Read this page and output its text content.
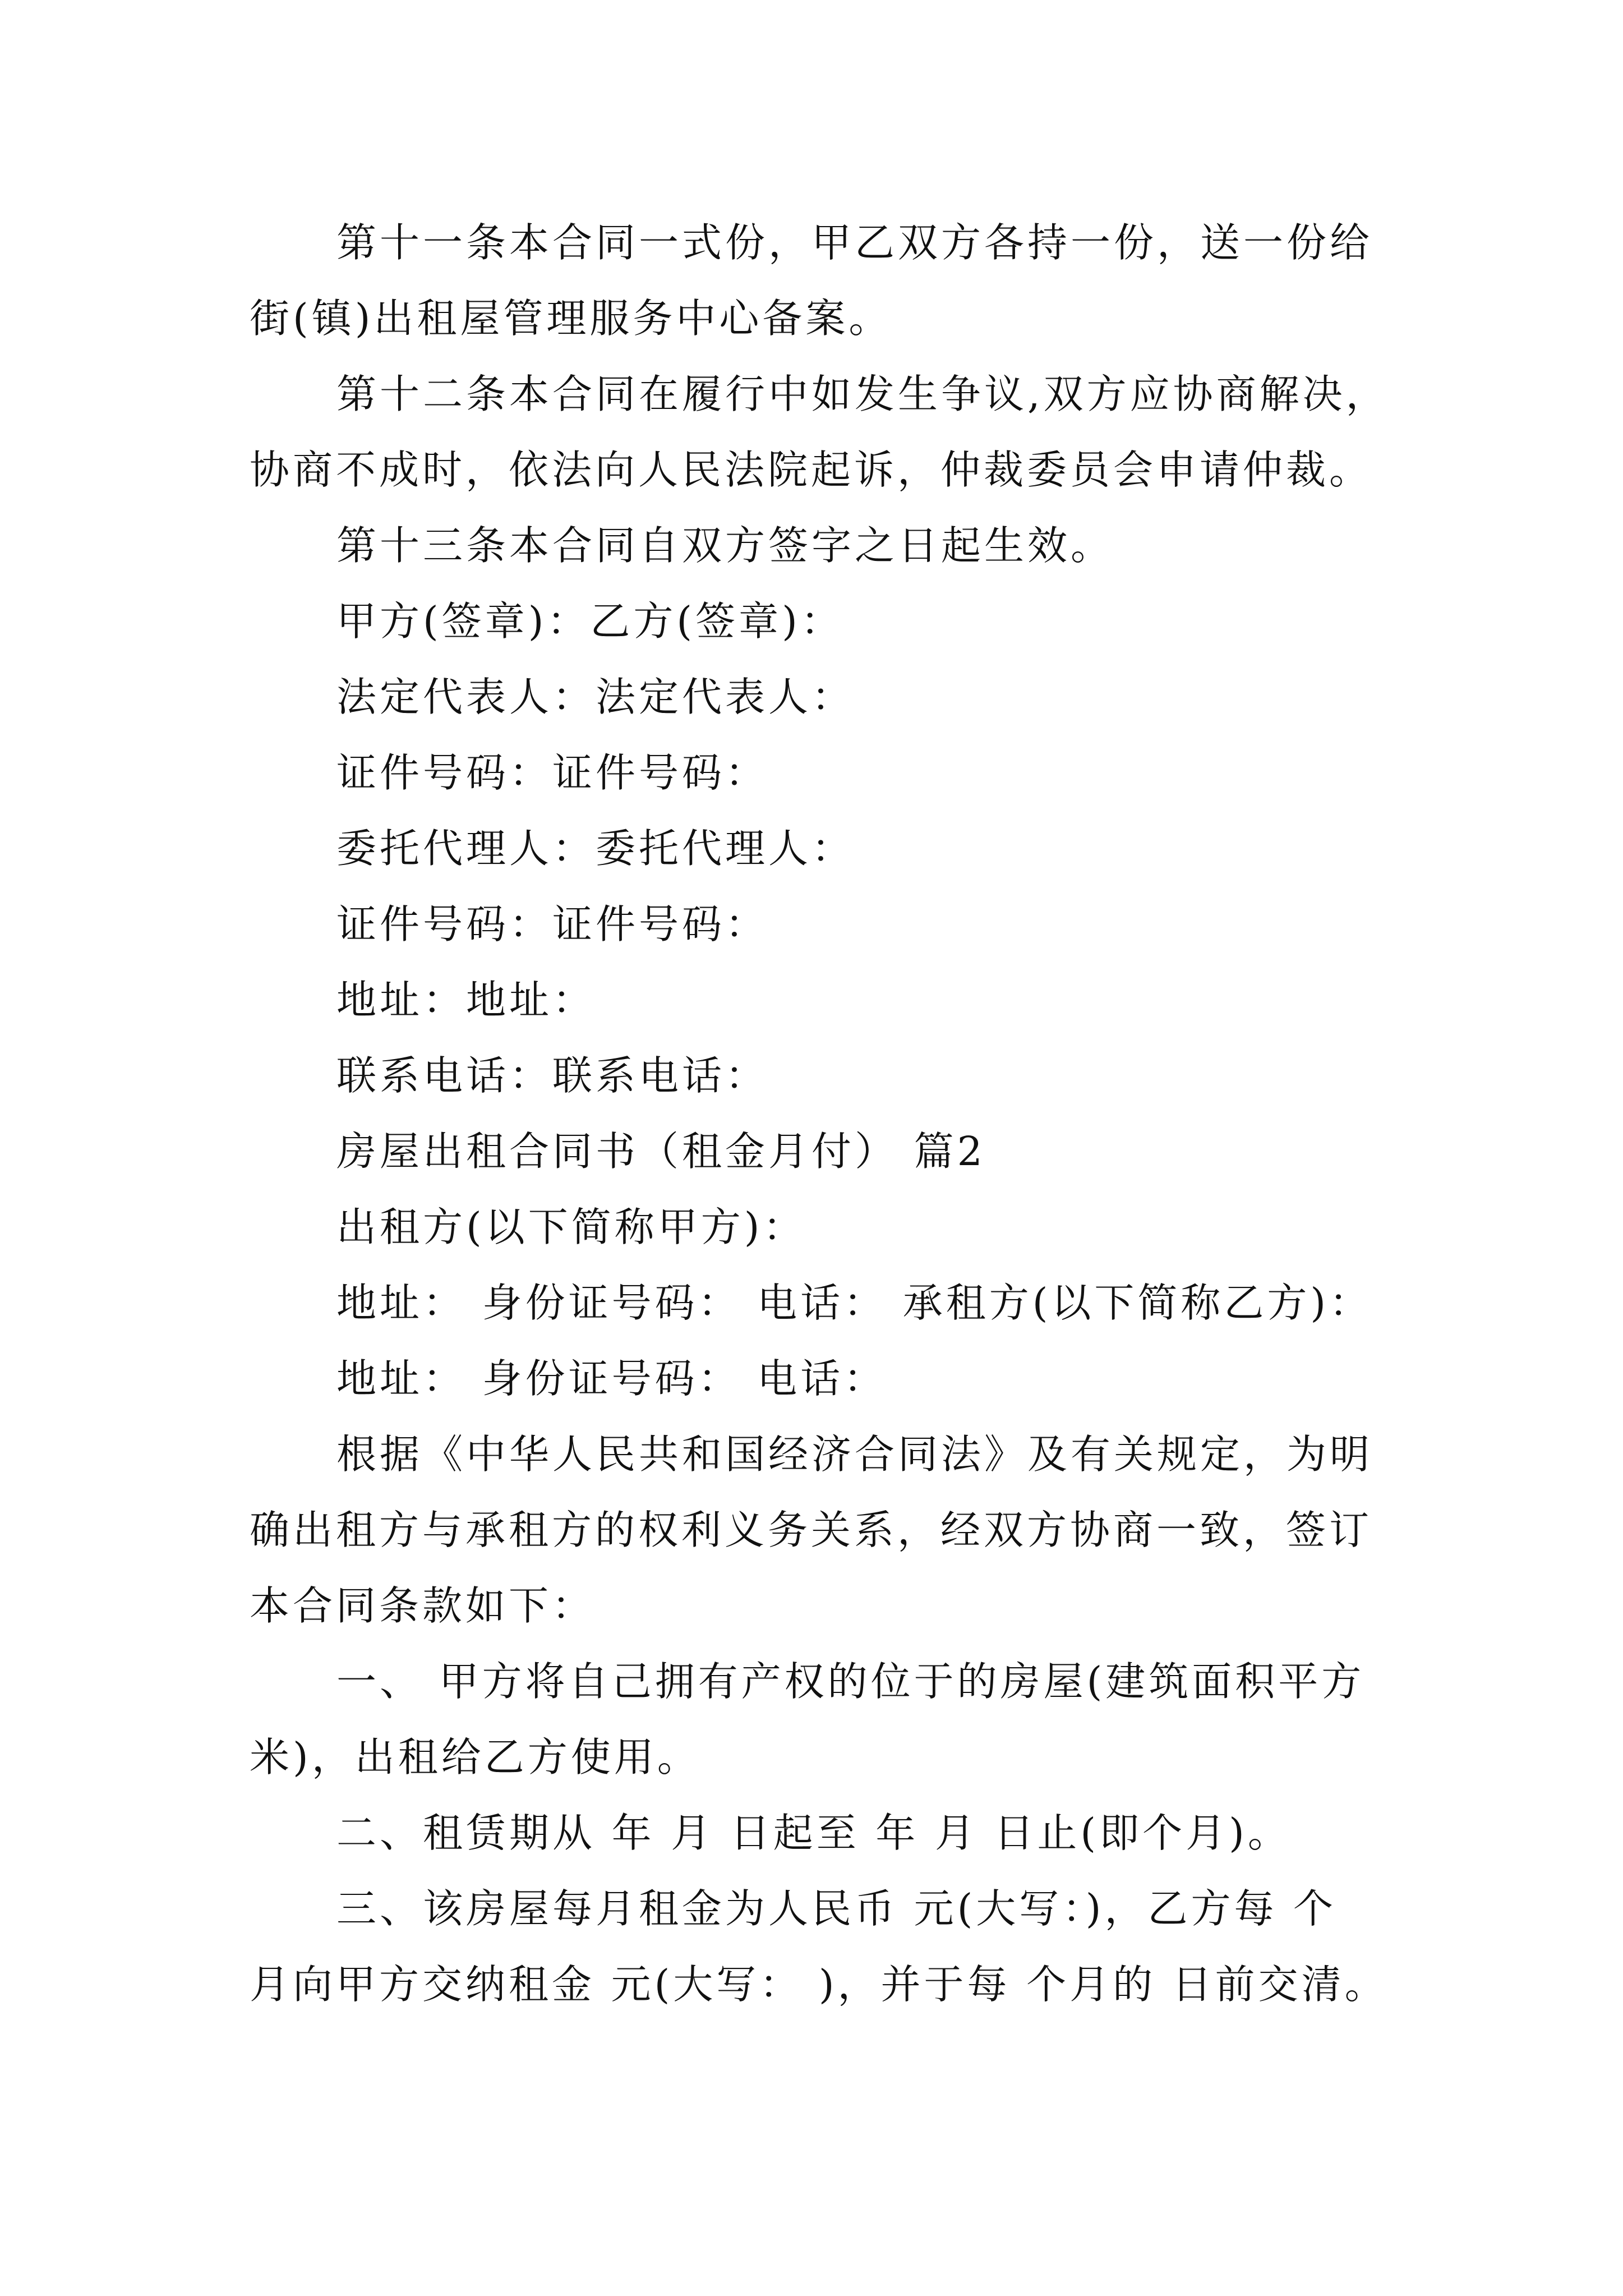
第十一条本合同一式份，甲乙双方各持一份，送一份给
街(镇)出租屋管理服务中心备案。
第十二条本合同在履行中如发生争议,双方应协商解决，
协商不成时，依法向人民法院起诉，仲裁委员会申请仲裁。
第十三条本合同自双方签字之日起生效。
甲方(签章)：乙方(签章)：
法定代表人：法定代表人：
证件号码：证件号码：
委托代理人：委托代理人：
证件号码：证件号码：
地址：地址：
联系电话：联系电话：
房屋出租合同书（租金月付） 篇2
出租方(以下简称甲方)：
地址： 身份证号码： 电话： 承租方(以下简称乙方)：
地址： 身份证号码： 电话：
根据《中华人民共和国经济合同法》及有关规定，为明
确出租方与承租方的权利义务关系，经双方协商一致，签订
本合同条款如下：
一、 甲方将自己拥有产权的位于的房屋(建筑面积平方
米)，出租给乙方使用。
二、租赁期从 年 月 日起至 年 月 日止(即个月)。
三、该房屋每月租金为人民币 元(大写：)，乙方每 个
月向甲方交纳租金 元(大写： )，并于每 个月的 日前交清。
